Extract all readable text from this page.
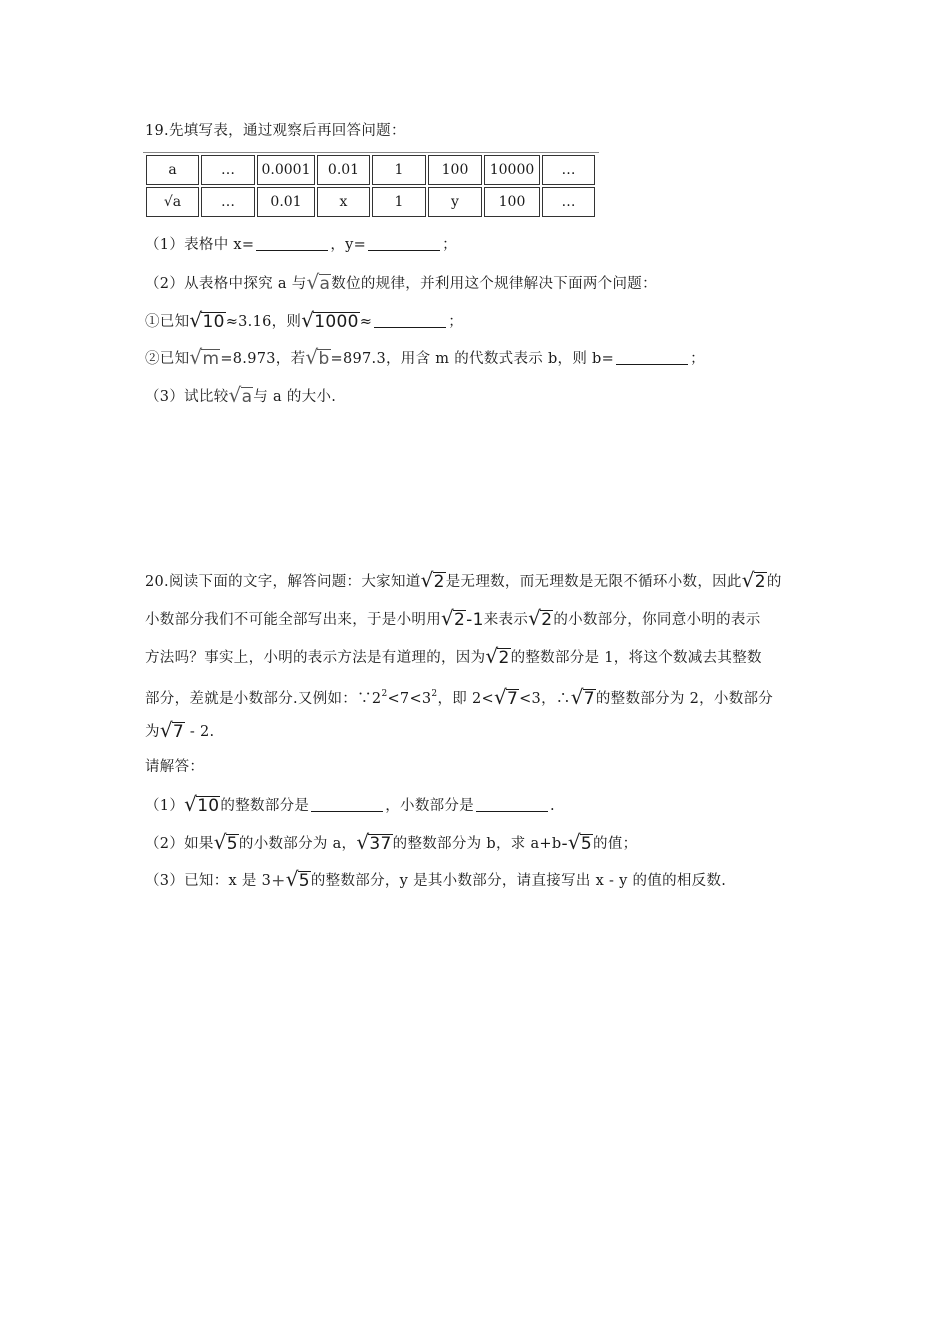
19.先填写表，通过观察后再回答问题：
a	…	0.0001	0.01	1	100	10000	…
√a	…	0.01	x	1	y	100	…
（1）表格中 x=	，y=	；
（2）从表格中探究 a 与√a数位的规律，并利用这个规律解决下面两个问题：
①已知√10≈3.16，则√1000≈	；
②已知√m=8.973，若√b=897.3，用含 m 的代数式表示 b，则 b=	；
（3）试比较√a与 a 的大小.
20.阅读下面的文字，解答问题：大家知道√2是无理数，而无理数是无限不循环小数，因此√2的
小数部分我们不可能全部写出来，于是小明用√2-1来表示√2的小数部分，你同意小明的表示
方法吗？事实上，小明的表示方法是有道理的，因为√2的整数部分是 1，将这个数减去其整数
部分，差就是小数部分.又例如：$\because 2^2<7<3^2$，即 2<√7<3，∴√7的整数部分为 2，小数部分
为√7 - 2.
请解答：
（1）√10的整数部分是	，小数部分是	.
（2）如果√5的小数部分为 a，√37的整数部分为 b，求 a+b-√5的值；
（3）已知：x 是 3+√5的整数部分，y 是其小数部分，请直接写出 x - y 的值的相反数.
